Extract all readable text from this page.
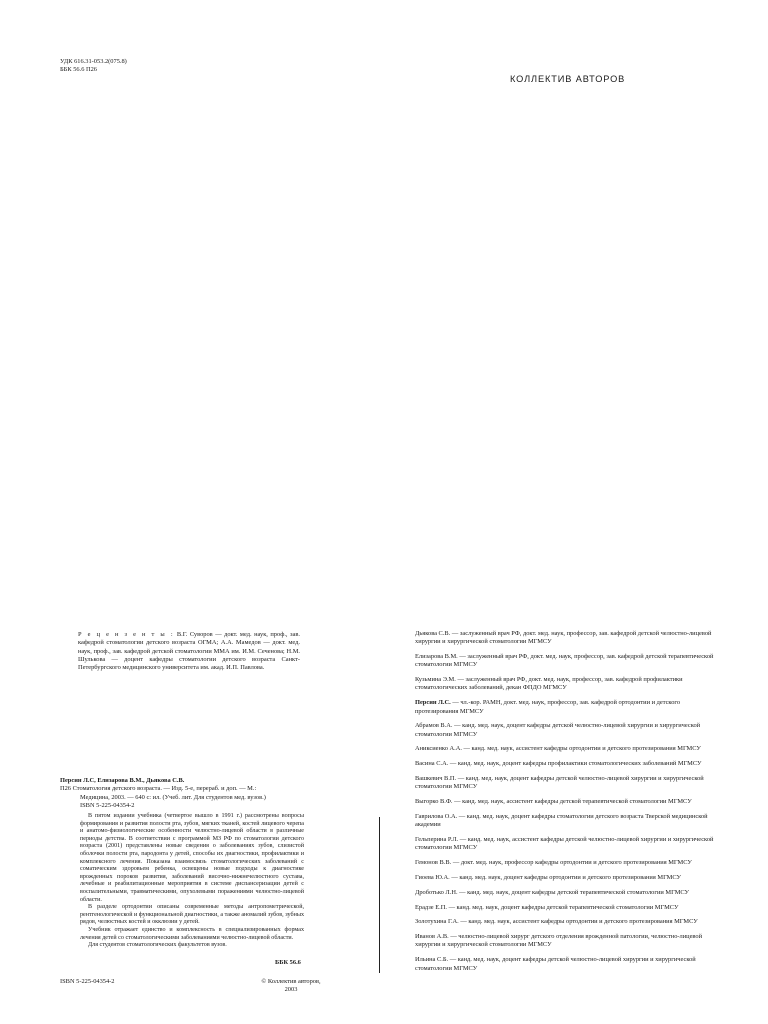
УДК 616.31-053.2(075.8)
ББК 56.6 П26
КОЛЛЕКТИВ АВТОРОВ
Р е ц е н з е н т ы : В.Г. Суворов — докт. мед. наук, проф., зав. кафедрой стоматологии детского возраста ОГМА; А.А. Мамедов — докт. мед. наук, проф., зав. кафедрой детской стоматологии ММА им. И.М. Сеченова; Н.М. Шулькова — доцент кафедры стоматологии детского возраста Санкт-Петербургского медицинского университета им. акад. И.П. Павлова.
Персин Л.С, Елизарова В.М., Дьякова С.В.
П26 Стоматология детского возраста. — Изд. 5-е, перераб. и доп. — М.:
Медицина, 2003. — 640 с: ил. (Учеб. лит. Для студентов мед. вузов.)
ISBN 5-225-04354-2

В пятом издании учебника (четвертое вышло в 1991 г.) рассмотрены вопросы формирования и развития полости рта, зубов, мягких тканей, костей лицевого черепа и анатомо-физиологические особенности челюстно-лицевой области в различные периоды детства. В соответствии с программой МЗ РФ по стоматологии детского возраста (2001) представлены новые сведения о заболеваниях зубов, слизистой оболочки полости рта, пародонта у детей, способы их диагностики, профилактики и комплексного лечения. Показана взаимосвязь стоматологических заболеваний с соматическим здоровьем ребенка, освещены новые подходы к диагностике врожденных пороков развития, заболеваний височно-нижнечелюстного сустава, лечебные и реабилитационные мероприятия в системе диспансеризации детей с воспалительными, травматическими, опухолевыми поражениями челюстно-лицевой области.

В разделе ортодонтии описаны современные методы антропометрической, рентгенологической и функциональной диагностики, а также аномалий зубов, зубных рядов, челюстных костей и окклюзии у детей.

Учебник отражает единство и комплексность в специализированных формах лечения детей со стоматологическими заболеваниями челюстно-лицевой области.

Для студентов стоматологических факультетов вузов.

ББК 56.6
ISBN 5-225-04354-2	© Коллектив авторов,
2003
Дьякова С.В. — заслуженный врач РФ, докт. мед. наук, профессор, зав. кафедрой детской челюстно-лицевой хирургии и хирургической стоматологии МГМСУ
Елизарова В.М. — заслуженный врач РФ, докт. мед. наук, профессор, зав. кафедрой детской терапевтической стоматологии МГМСУ
Кузьмина Э.М. — заслуженный врач РФ, докт. мед. наук, профессор, зав. кафедрой профилактики стоматологических заболеваний, декан ФПДО МГМСУ
Персин Л.С. — чл.-кор. РАМН, докт. мед. наук, профессор, зав. кафедрой ортодонтии и детского протезирования МГМСУ
Абрамов В.А. — канд. мед. наук, доцент кафедры детской челюстно-лицевой хирургии и хирургической стоматологии МГМСУ
Аниксиенко А.А. — канд. мед. наук, ассистент кафедры ортодонтии и детского протезирования МГМСУ
Васина С.А. — канд. мед. наук, доцент кафедры профилактики стоматологических заболеваний МГМСУ
Вашкевич В.П. — канд. мед. наук, доцент кафедры детской челюстно-лицевой хирургии и хирургической стоматологии МГМСУ
Выгорко В.Ф. — канд. мед. наук, ассистент кафедры детской терапевтической стоматологии МГМСУ
Гаврилова О.А. — канд. мед. наук, доцент кафедры стоматологии детского возраста Тверской медицинской академии
Гельперина Р.Л. — канд. мед. наук, ассистент кафедры детской челюстно-лицевой хирургии и хирургической стоматологии МГМСУ
Гемонов В.В. — докт. мед. наук, профессор кафедры ортодонтии и детского протезирования МГМСУ
Гиоева Ю.А. — канд. мед. наук, доцент кафедры ортодонтии и детского протезирования МГМСУ
Дроботько Л.Н. — канд. мед. наук, доцент кафедры детской терапевтической стоматологии МГМСУ
Ерадзе Е.П. — канд. мед. наук, доцент кафедры детской терапевтической стоматологии МГМСУ
Золотухина Г.А. — канд. мед. наук, ассистент кафедры ортодонтии и детского протезирования МГМСУ
Иванов А.В. — челюстно-лицевой хирург детского отделения врожденной патологии, челюстно-лицевой хирургии и хирургической стоматологии МГМСУ
Ильина С.Б. — канд. мед. наук, доцент кафедры детской челюстно-лицевой хирургии и хирургической стоматологии МГМСУ
